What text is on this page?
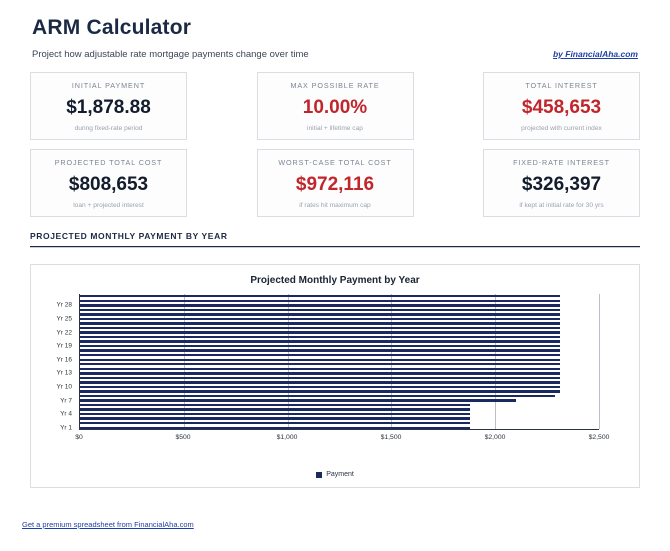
ARM Calculator
Project how adjustable rate mortgage payments change over time	by FinancialAha.com
INITIAL PAYMENT
$1,878.88
during fixed-rate period
MAX POSSIBLE RATE
10.00%
initial + lifetime cap
TOTAL INTEREST
$458,653
projected with current index
PROJECTED TOTAL COST
$808,653
loan + projected interest
WORST-CASE TOTAL COST
$972,116
if rates hit maximum cap
FIXED-RATE INTEREST
$326,397
if kept at initial rate for 30 yrs
PROJECTED MONTHLY PAYMENT BY YEAR
Projected Monthly Payment by Year
Yr 1
Yr 4
Yr 7
Yr 10
Yr 13
Yr 16
Yr 19
Yr 22
Yr 25
Yr 28
$0	$500	$1,000	$1,500	$2,000	$2,500
Payment
Get a premium spreadsheet from FinancialAha.com
